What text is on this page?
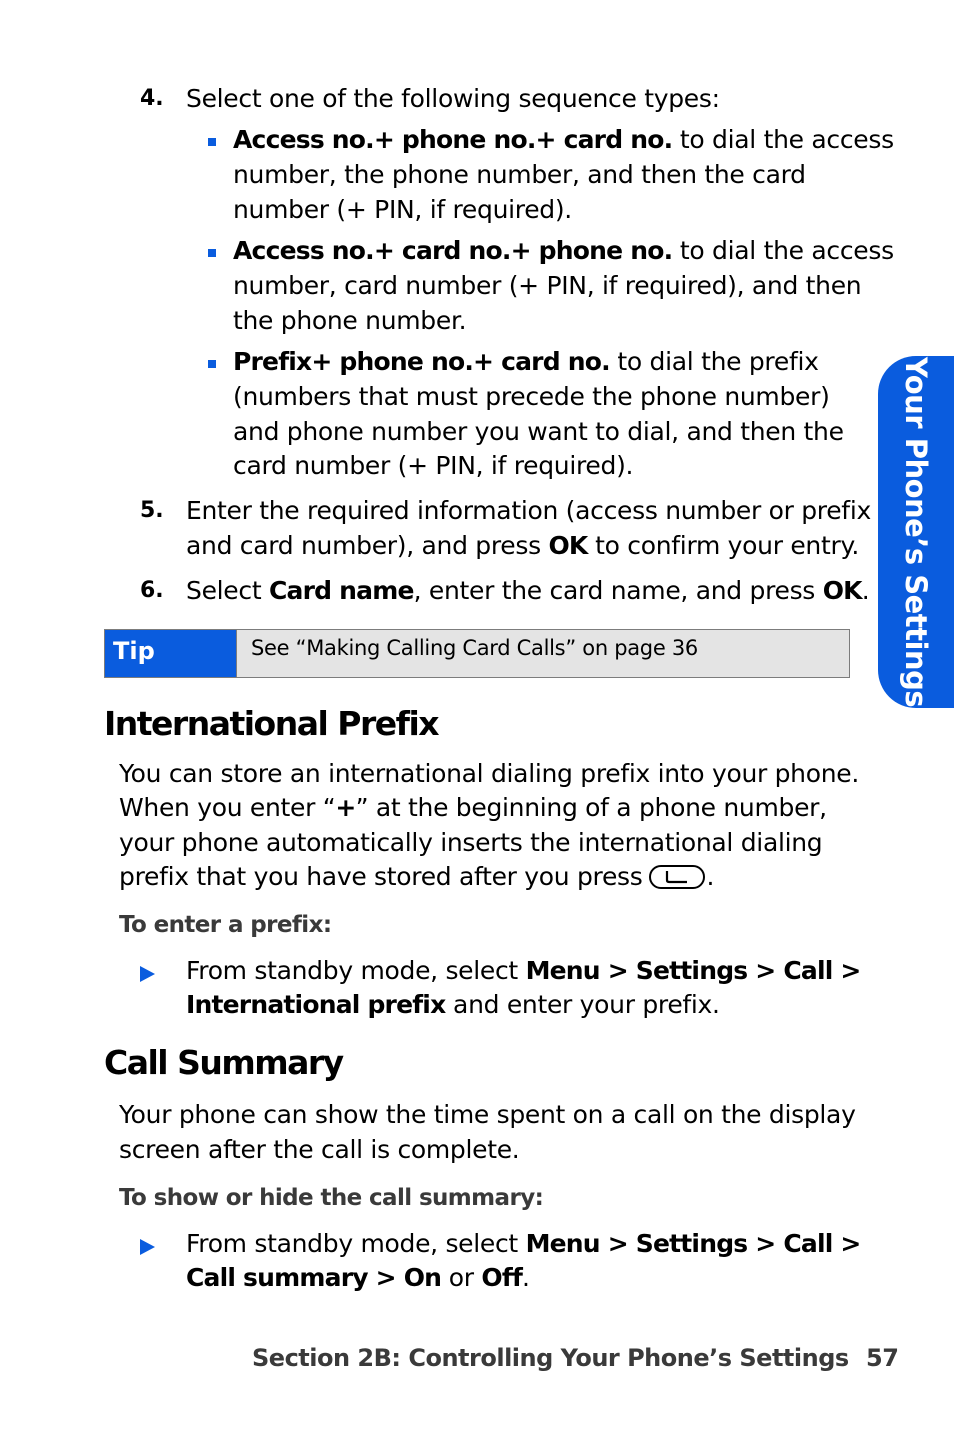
Your Phone’s Settings
4. Select one of the following sequence types:

Access no.+ phone no.+ card no. to dial the access

number, the phone number, and then the card

number (+ PIN, if required).

Access no.+ card no.+ phone no. to dial the access

number, card number (+ PIN, if required), and then

the phone number.

Prefix+ phone no.+ card no. to dial the prefix

(numbers that must precede the phone number)

and phone number you want to dial, and then the

card number (+ PIN, if required).

5. Enter the required information (access number or prefix

and card number), and press OK to confirm your entry.

6. Select Card name, enter the card name, and press OK.

Tip	See “Making Calling Card Calls” on page 36
International Prefix

You can store an international dialing prefix into your phone.

When you enter “+” at the beginning of a phone number,

your phone automatically inserts the international dialing

prefix that you have stored after you press	.

To enter a prefix:

From standby mode, select Menu > Settings > Call >

International prefix and enter your prefix.

Call Summary

Your phone can show the time spent on a call on the display

screen after the call is complete.

To show or hide the call summary:

From standby mode, select Menu > Settings > Call >

Call summary > On or Off.

Section 2B: Controlling Your Phone’s Settings 57
